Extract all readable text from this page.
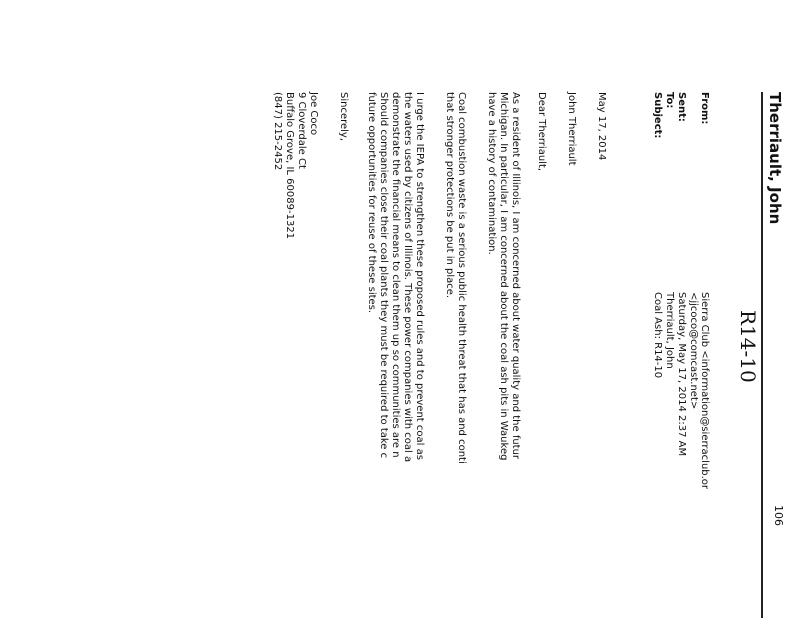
Therriault, John
R14-10
From:
Sent:
To:
Subject:
Sierra Club <information@sierraclub.or
<jjcoco@comcast.net>
Saturday, May 17, 2014 2:37 AM
Therriault, John
Coal Ash: R14-10
May 17, 2014
John Therriault
Dear Therriault,
As a resident of Illinois, I am concerned about water quality and the futur
Michigan. In particular, I am concerned about the coal ash pits in Waukeg
have a history of contamination.
Coal combustion waste is a serious public health threat that has and conti
that stronger protections be put in place.
I urge the IEPA to strengthen these proposed rules and to prevent coal as
the waters used by citizens of Illinois. These power companies with coal a
demonstrate the financial means to clean them up so communities are n
Should companies close their coal plants they must be required to take c
future opportunities for reuse of these sites.
Sincerely,
Joe Coco
9 Cloverdale Ct
Buffalo Grove, IL 60089-1321
(847) 215-2452
106
